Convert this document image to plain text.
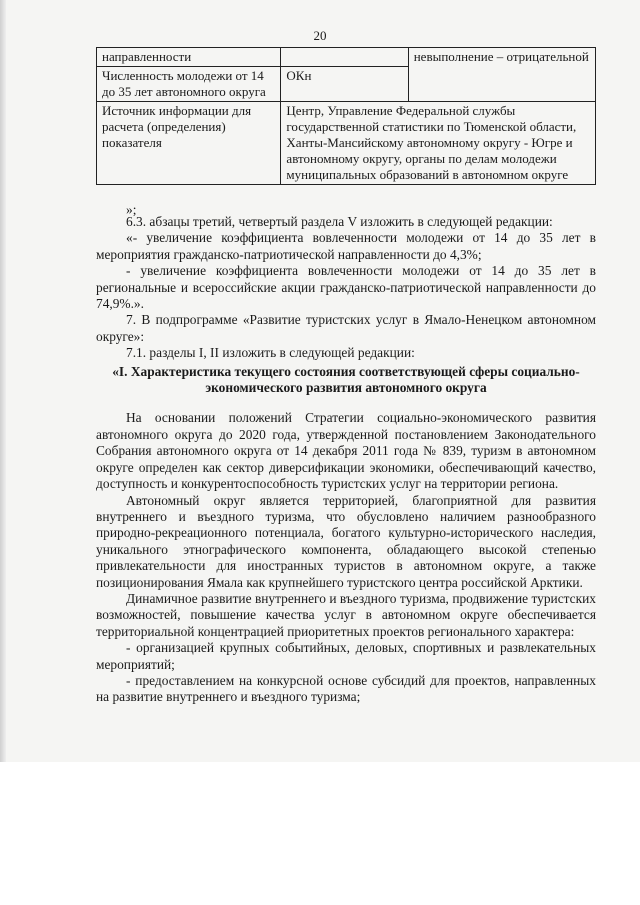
20
направленности		невыполнение – отрицательной
Численность молодежи от 14 до 35 лет автономного округа	ОКн	
Источник информации для расчета (определения) показателя	Центр, Управление Федеральной службы государственной статистики по Тюменской области, Ханты-Мансийскому автономному округу - Югре и автономному округу, органы по делам молодежи муниципальных образований в автономном округе	

»;

6.3. абзацы третий, четвертый раздела V изложить в следующей редакции:

«- увеличение коэффициента вовлеченности молодежи от 14 до 35 лет в мероприятия гражданско-патриотической направленности до 4,3%;

- увеличение коэффициента вовлеченности молодежи от 14 до 35 лет в региональные и всероссийские акции гражданско-патриотической направленности до 74,9%.».

7. В подпрограмме «Развитие туристских услуг в Ямало-Ненецком автономном округе»:

7.1. разделы I, II изложить в следующей редакции:

«I. Характеристика текущего состояния соответствующей сферы социально-экономического развития автономного округа

На основании положений Стратегии социально-экономического развития автономного округа до 2020 года, утвержденной постановлением Законодательного Собрания автономного округа от 14 декабря 2011 года № 839, туризм в автономном округе определен как сектор диверсификации экономики, обеспечивающий качество, доступность и конкурентоспособность туристских услуг на территории региона.

Автономный округ является территорией, благоприятной для развития внутреннего и въездного туризма, что обусловлено наличием разнообразного природно-рекреационного потенциала, богатого культурно-исторического наследия, уникального этнографического компонента, обладающего высокой степенью привлекательности для иностранных туристов в автономном округе, а также позиционирования Ямала как крупнейшего туристского центра российской Арктики.

Динамичное развитие внутреннего и въездного туризма, продвижение туристских возможностей, повышение качества услуг в автономном округе обеспечивается территориальной концентрацией приоритетных проектов регионального характера:

- организацией крупных событийных, деловых, спортивных и развлекательных мероприятий;

- предоставлением на конкурсной основе субсидий для проектов, направленных на развитие внутреннего и въездного туризма;
